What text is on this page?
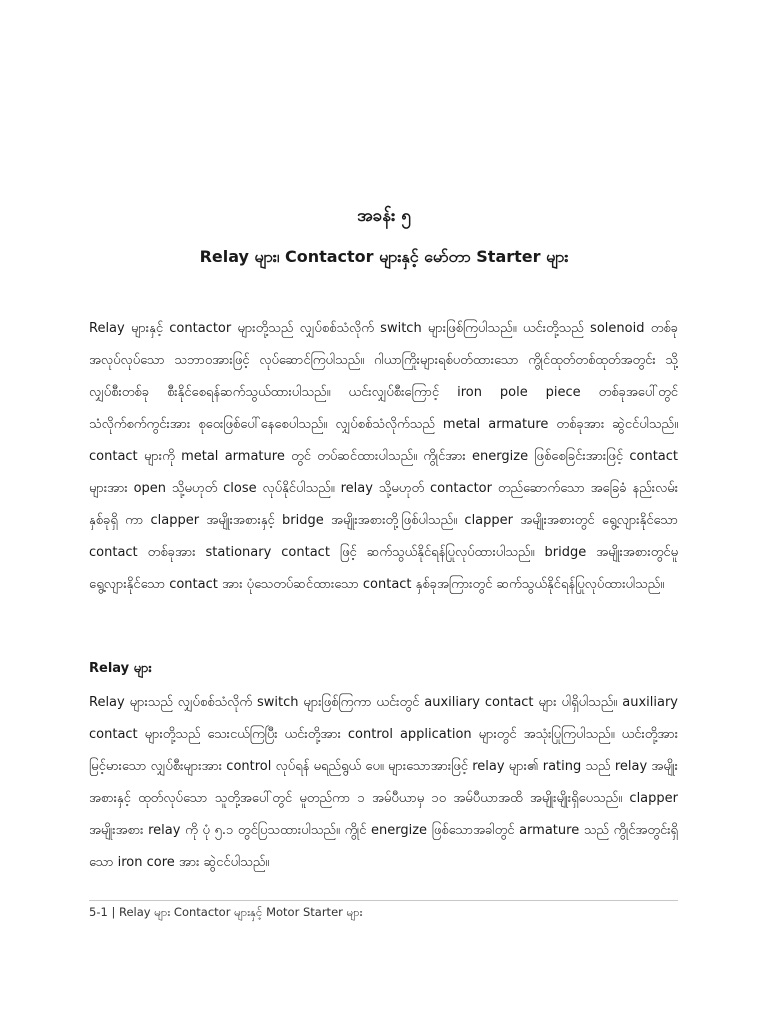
အခန်း ၅
Relay များ၊ Contactor များနှင့် မော်တာ Starter များ

Relay များနှင့် contactor များတို့သည် လျှပ်စစ်သံလိုက် switch များဖြစ်ကြပါသည်။ ယင်းတို့သည် solenoid တစ်ခု အလုပ်လုပ်သော သဘာဝအားဖြင့် လုပ်ဆောင်ကြပါသည်။ ဂါယာကြိုးများရစ်ပတ်ထားသော ကွိုင်ထုတ်တစ်ထုတ်အတွင်း သို့ လျှပ်စီးတစ်ခု စီးနိုင်စေရန်ဆက်သွယ်ထားပါသည်။ ယင်းလျှပ်စီးကြောင့် iron pole piece တစ်ခုအပေါ်တွင် သံလိုက်စက်ကွင်းအား စုဝေးဖြစ်ပေါ်နေစေပါသည်။ လျှပ်စစ်သံလိုက်သည် metal armature တစ်ခုအား ဆွဲငင်ပါသည်။ contact များကို metal armature တွင် တပ်ဆင်ထားပါသည်။ ကွိုင်အား energize ဖြစ်စေခြင်းအားဖြင့် contact များအား open သို့မဟုတ် close လုပ်နိုင်ပါသည်။ relay သို့မဟုတ် contactor တည်ဆောက်သော အခြေခံ နည်းလမ်း နှစ်ခုရှိ ကာ clapper အမျိုးအစားနှင့် bridge အမျိုးအစားတို့ဖြစ်ပါသည်။ clapper အမျိုးအစားတွင် ရွေ့လျားနိုင်သော contact တစ်ခုအား stationary contact ဖြင့် ဆက်သွယ်နိုင်ရန်ပြုလုပ်ထားပါသည်။ bridge အမျိုးအစားတွင်မူ ရွေ့လျားနိုင်သော contact အား ပုံသေတပ်ဆင်ထားသော contact နှစ်ခုအကြားတွင် ဆက်သွယ်နိုင်ရန်ပြုလုပ်ထားပါသည်။

Relay များ

Relay များသည် လျှပ်စစ်သံလိုက် switch များဖြစ်ကြကာ ယင်းတွင် auxiliary contact များ ပါရှိပါသည်။ auxiliary contact များတို့သည် သေးငယ်ကြပြီး ယင်းတို့အား control application များတွင် အသုံးပြုကြပါသည်။ ယင်းတို့အား မြင့်မားသော လျှပ်စီးများအား control လုပ်ရန် မရည်ရွယ် ပေ။ များသောအားဖြင့် relay များ၏ rating သည် relay အမျိုးအစားနှင့် ထုတ်လုပ်သော သူတို့အပေါ်တွင် မူတည်ကာ ၁ အမ်ပီယာမှ ၁၀ အမ်ပီယာအထိ အမျိုးမျိုးရှိပေသည်။ clapper အမျိုးအစား relay ကို ပုံ ၅.၁ တွင်ပြသထားပါသည်။ ကွိုင် energize ဖြစ်သောအခါတွင် armature သည် ကွိုင်အတွင်းရှိသော iron core အား ဆွဲငင်ပါသည်။

5-1 | Relay များ Contactor များနှင့် Motor Starter များ
